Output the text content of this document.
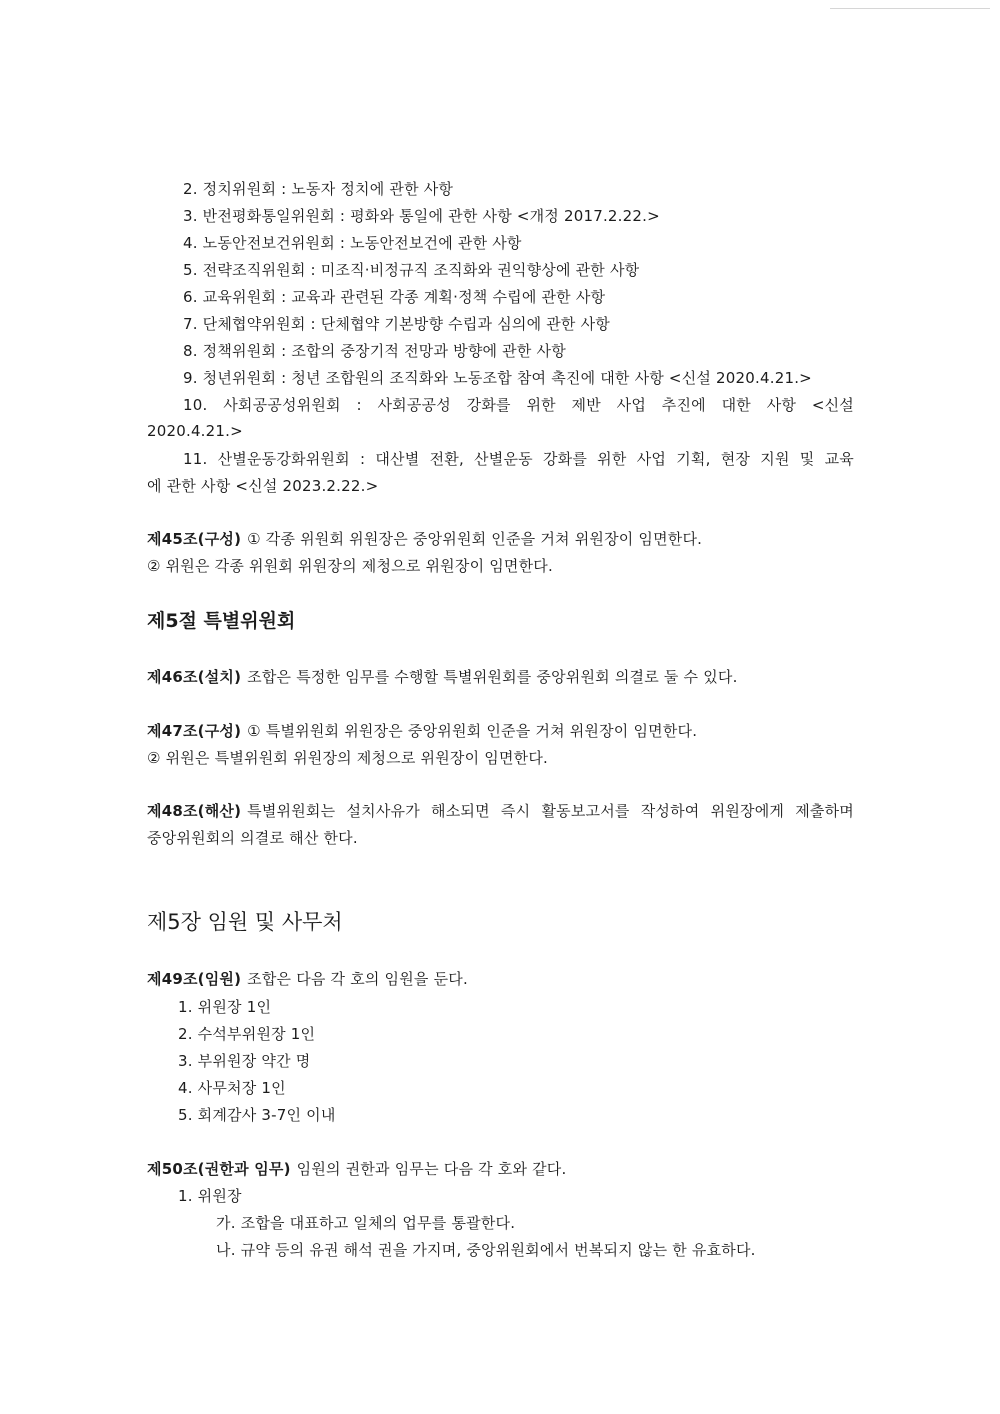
2. 정치위원회 : 노동자 정치에 관한 사항
3. 반전평화통일위원회 : 평화와 통일에 관한 사항 <개정 2017.2.22.>
4. 노동안전보건위원회 : 노동안전보건에 관한 사항
5. 전략조직위원회 : 미조직·비정규직 조직화와 권익향상에 관한 사항
6. 교육위원회 : 교육과 관련된 각종 계획·정책 수립에 관한 사항
7. 단체협약위원회 : 단체협약 기본방향 수립과 심의에 관한 사항
8. 정책위원회 : 조합의 중장기적 전망과 방향에 관한 사항
9. 청년위원회 : 청년 조합원의 조직화와 노동조합 참여 촉진에 대한 사항 <신설 2020.4.21.>
10. 사회공공성위원회 : 사회공공성 강화를 위한 제반 사업 추진에 대한 사항 <신설
2020.4.21.>
11. 산별운동강화위원회 : 대산별 전환, 산별운동 강화를 위한 사업 기획, 현장 지원 및 교육
에 관한 사항 <신설 2023.2.22.>
제45조(구성) ① 각종 위원회 위원장은 중앙위원회 인준을 거쳐 위원장이 임면한다.
② 위원은 각종 위원회 위원장의 제청으로 위원장이 임면한다.
제5절 특별위원회
제46조(설치) 조합은 특정한 임무를 수행할 특별위원회를 중앙위원회 의결로 둘 수 있다.
제47조(구성) ① 특별위원회 위원장은 중앙위원회 인준을 거쳐 위원장이 임면한다.
② 위원은 특별위원회 위원장의 제청으로 위원장이 임면한다.
제48조(해산) 특별위원회는 설치사유가 해소되면 즉시 활동보고서를 작성하여 위원장에게 제출하며
중앙위원회의 의결로 해산 한다.
제5장 임원 및 사무처
제49조(임원) 조합은 다음 각 호의 임원을 둔다.
1. 위원장 1인
2. 수석부위원장 1인
3. 부위원장 약간 명
4. 사무처장 1인
5. 회계감사 3-7인 이내
제50조(권한과 임무) 임원의 권한과 임무는 다음 각 호와 같다.
1. 위원장
가. 조합을 대표하고 일체의 업무를 통괄한다.
나. 규약 등의 유권 해석 권을 가지며, 중앙위원회에서 번복되지 않는 한 유효하다.
